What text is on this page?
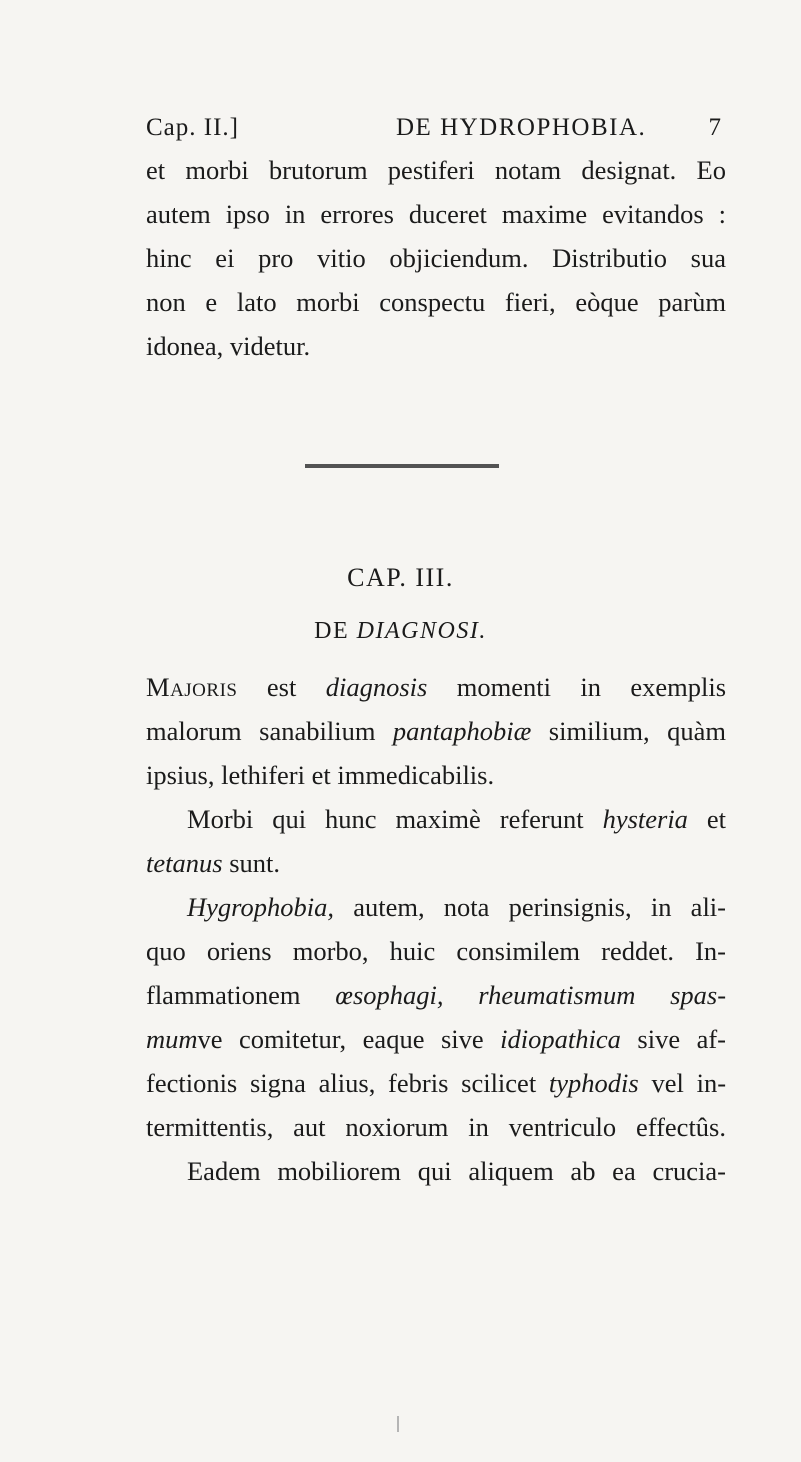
Cap. II.]	DE HYDROPHOBIA. 7
et morbi brutorum pestiferi notam designat. Eo
autem ipso in errores duceret maxime evitandos :
hinc ei pro vitio objiciendum. Distributio sua
non e lato morbi conspectu fieri, eòque parùm
idonea, videtur.
CAP. III.
DE DIAGNOSI.
Majoris est diagnosis momenti in exemplis
malorum sanabilium pantaphobiæ similium, quàm
ipsius, lethiferi et immedicabilis.
Morbi qui hunc maximè referunt hysteria et
tetanus sunt.
Hygrophobia, autem, nota perinsignis, in ali-
quo oriens morbo, huic consimilem reddet. In-
flammationem œsophagi, rheumatismum spas-
mumve comitetur, eaque sive idiopathica sive af-
fectionis signa alius, febris scilicet typhodis vel in-
termittentis, aut noxiorum in ventriculo effectûs.
Eadem mobiliorem qui aliquem ab ea crucia-
